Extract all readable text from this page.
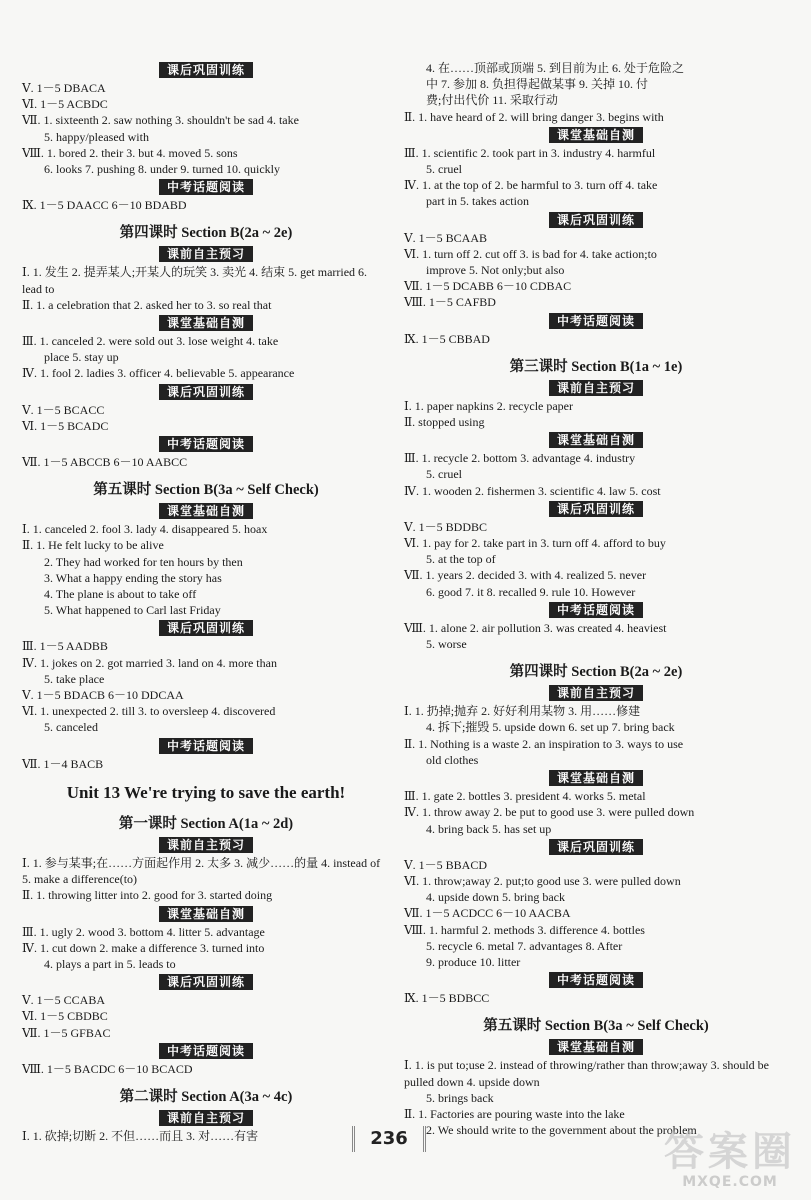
课后巩固训练
Ⅴ. 1－5 DBACA
Ⅵ. 1－5 ACBDC
Ⅶ. 1. sixteenth 2. saw nothing 3. shouldn't be sad 4. take
5. happy/pleased with
Ⅷ. 1. bored 2. their 3. but 4. moved 5. sons
6. looks 7. pushing 8. under 9. turned 10. quickly
中考话题阅读
Ⅸ. 1－5 DAACC 6－10 BDABD
第四课时 Section B(2a ~ 2e)
课前自主预习
Ⅰ. 1. 发生 2. 提弄某人;开某人的玩笑 3. 卖光 4. 结束 5. get married 6. lead to
Ⅱ. 1. a celebration that 2. asked her to 3. so real that
课堂基础自测
Ⅲ. 1. canceled 2. were sold out 3. lose weight 4. take
place 5. stay up
Ⅳ. 1. fool 2. ladies 3. officer 4. believable 5. appearance
课后巩固训练
Ⅴ. 1－5 BCACC
Ⅵ. 1－5 BCADC
中考话题阅读
Ⅶ. 1－5 ABCCB 6－10 AABCC
第五课时 Section B(3a ~ Self Check)
课堂基础自测
Ⅰ. 1. canceled 2. fool 3. lady 4. disappeared 5. hoax
Ⅱ. 1. He felt lucky to be alive
2. They had worked for ten hours by then
3. What a happy ending the story has
4. The plane is about to take off
5. What happened to Carl last Friday
课后巩固训练
Ⅲ. 1－5 AADBB
Ⅳ. 1. jokes on 2. got married 3. land on 4. more than
5. take place
Ⅴ. 1－5 BDACB 6－10 DDCAA
Ⅵ. 1. unexpected 2. till 3. to oversleep 4. discovered
5. canceled
中考话题阅读
Ⅶ. 1－4 BACB
Unit 13 We're trying to save the earth!
第一课时 Section A(1a ~ 2d)
课前自主预习
Ⅰ. 1. 参与某事;在……方面起作用 2. 太多 3. 减少……的量 4. instead of 5. make a difference(to)
Ⅱ. 1. throwing litter into 2. good for 3. started doing
课堂基础自测
Ⅲ. 1. ugly 2. wood 3. bottom 4. litter 5. advantage
Ⅳ. 1. cut down 2. make a difference 3. turned into
4. plays a part in 5. leads to
课后巩固训练
Ⅴ. 1－5 CCABA
Ⅵ. 1－5 CBDBC
Ⅶ. 1－5 GFBAC
中考话题阅读
Ⅷ. 1－5 BACDC 6－10 BCACD
第二课时 Section A(3a ~ 4c)
课前自主预习
Ⅰ. 1. 砍掉;切断 2. 不但……而且 3. 对……有害
4. 在……顶部或顶端 5. 到目前为止 6. 处于危险之
中 7. 参加 8. 负担得起做某事 9. 关掉 10. 付
费;付出代价 11. 采取行动
Ⅱ. 1. have heard of 2. will bring danger 3. begins with
课堂基础自测
Ⅲ. 1. scientific 2. took part in 3. industry 4. harmful
5. cruel
Ⅳ. 1. at the top of 2. be harmful to 3. turn off 4. take
part in 5. takes action
课后巩固训练
Ⅴ. 1－5 BCAAB
Ⅵ. 1. turn off 2. cut off 3. is bad for 4. take action;to
improve 5. Not only;but also
Ⅶ. 1－5 DCABB 6－10 CDBAC
Ⅷ. 1－5 CAFBD
中考话题阅读
Ⅸ. 1－5 CBBAD
第三课时 Section B(1a ~ 1e)
课前自主预习
Ⅰ. 1. paper napkins 2. recycle paper
Ⅱ. stopped using
课堂基础自测
Ⅲ. 1. recycle 2. bottom 3. advantage 4. industry
5. cruel
Ⅳ. 1. wooden 2. fishermen 3. scientific 4. law 5. cost
课后巩固训练
Ⅴ. 1－5 BDDBC
Ⅵ. 1. pay for 2. take part in 3. turn off 4. afford to buy
5. at the top of
Ⅶ. 1. years 2. decided 3. with 4. realized 5. never
6. good 7. it 8. recalled 9. rule 10. However
中考话题阅读
Ⅷ. 1. alone 2. air pollution 3. was created 4. heaviest
5. worse
第四课时 Section B(2a ~ 2e)
课前自主预习
Ⅰ. 1. 扔掉;抛弃 2. 好好利用某物 3. 用……修建
4. 拆下;摧毁 5. upside down 6. set up 7. bring back
Ⅱ. 1. Nothing is a waste 2. an inspiration to 3. ways to use
old clothes
课堂基础自测
Ⅲ. 1. gate 2. bottles 3. president 4. works 5. metal
Ⅳ. 1. throw away 2. be put to good use 3. were pulled down
4. bring back 5. has set up
课后巩固训练
Ⅴ. 1－5 BBACD
Ⅵ. 1. throw;away 2. put;to good use 3. were pulled down
4. upside down 5. bring back
Ⅶ. 1－5 ACDCC 6－10 AACBA
Ⅷ. 1. harmful 2. methods 3. difference 4. bottles
5. recycle 6. metal 7. advantages 8. After
9. produce 10. litter
中考话题阅读
Ⅸ. 1－5 BDBCC
第五课时 Section B(3a ~ Self Check)
课堂基础自测
Ⅰ. 1. is put to;use 2. instead of throwing/rather than throw;away 3. should be pulled down 4. upside down
5. brings back
Ⅱ. 1. Factories are pouring waste into the lake
2. We should write to the government about the problem
236	答案圈
MXQE.COM
